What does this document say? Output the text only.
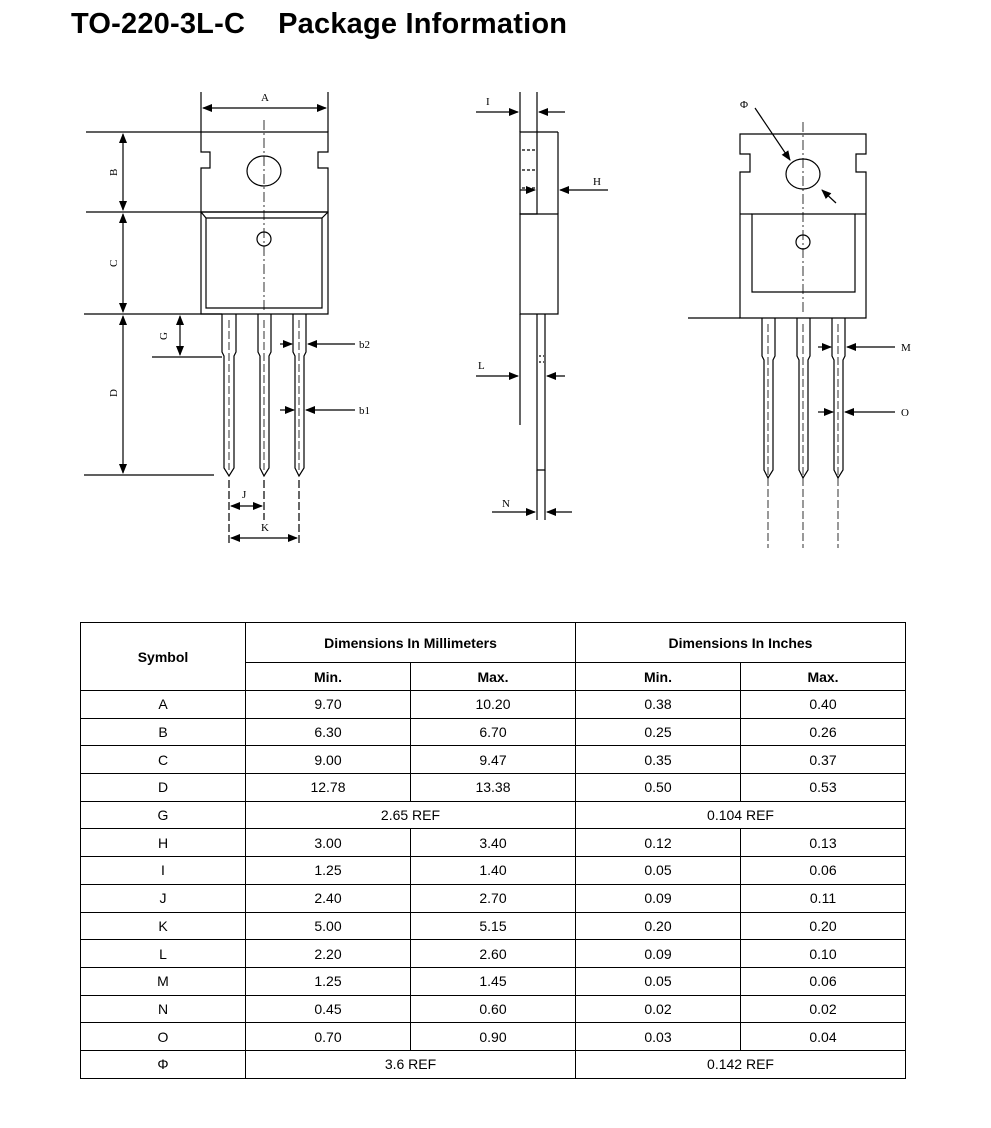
TO-220-3L-C    Package Information
A
B
C
D
G
b2
b1
J
K
I
H
L
N
Φ
M
O
Symbol	Dimensions In Millimeters		Dimensions In Inches	
	Min.	Max.	Min.	Max.
A	9.70	10.20	0.38	0.40
B	6.30	6.70	0.25	0.26
C	9.00	9.47	0.35	0.37
D	12.78	13.38	0.50	0.53
G	2.65 REF		0.104 REF	
H	3.00	3.40	0.12	0.13
I	1.25	1.40	0.05	0.06
J	2.40	2.70	0.09	0.11
K	5.00	5.15	0.20	0.20
L	2.20	2.60	0.09	0.10
M	1.25	1.45	0.05	0.06
N	0.45	0.60	0.02	0.02
O	0.70	0.90	0.03	0.04
Φ	3.6 REF		0.142 REF	
